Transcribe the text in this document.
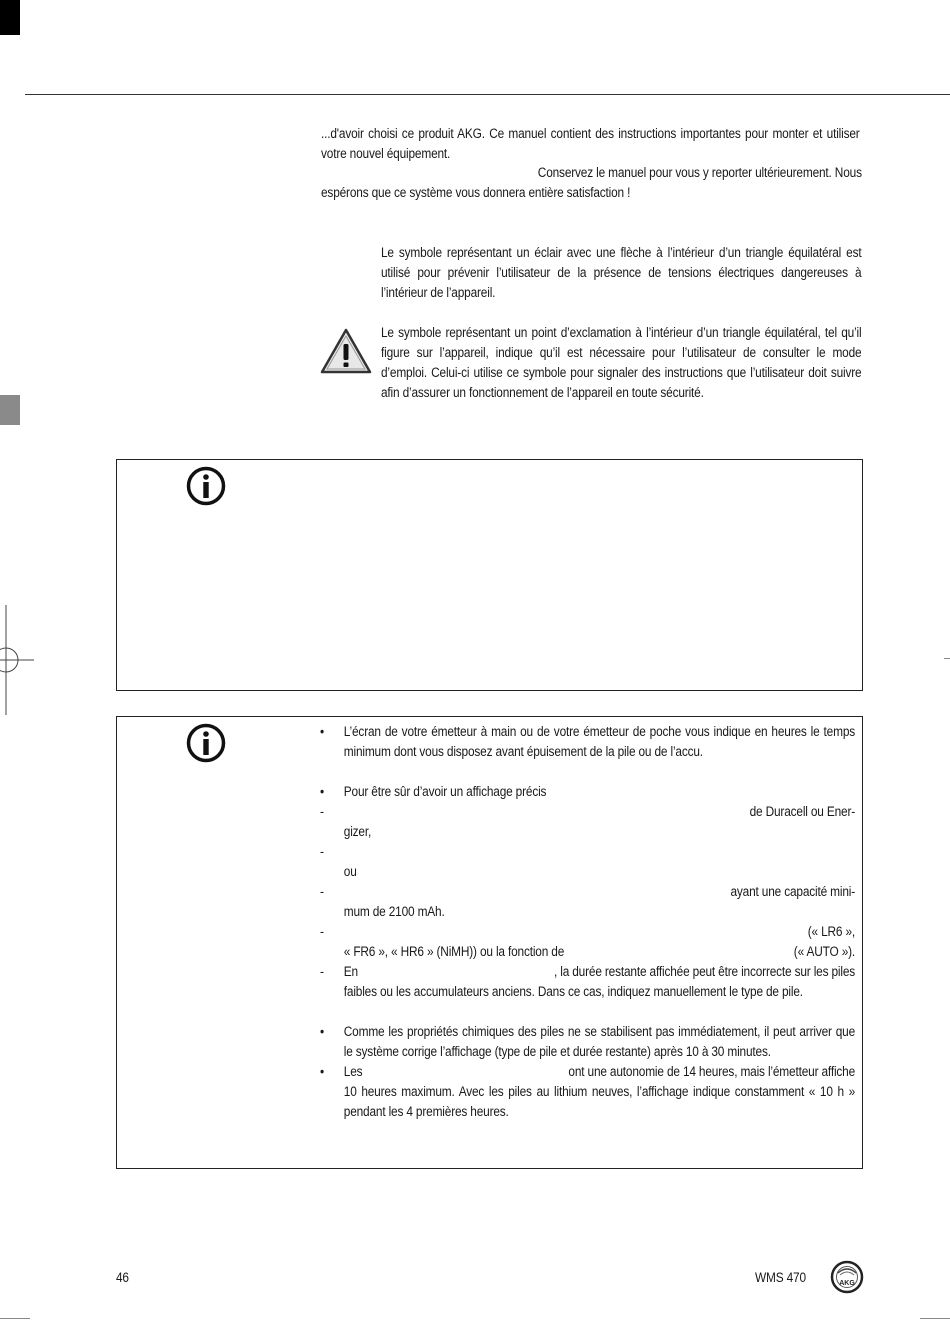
...d'avoir choisi ce produit AKG. Ce manuel contient des instructions importantes pour monter et utiliser votre nouvel équipement.
Conservez le manuel pour vous y reporter ultérieurement. Nous
espérons que ce système vous donnera entière satisfaction !
Le symbole représentant un éclair avec une flèche à l’intérieur d’un triangle équilatéral est utilisé pour prévenir l’utilisateur de la présence de tensions électriques dangereuses à l’intérieur de l’appareil.
Le symbole représentant un point d’exclamation à l’intérieur d’un triangle équilatéral, tel qu’il figure sur l’appareil, indique qu’il est nécessaire pour l’utilisateur de consulter le mode d’emploi. Celui-ci utilise ce symbole pour signaler des instructions que l’utilisateur doit suivre afin d’assurer un fonctionnement de l’appareil en toute sécurité.
• L’écran de votre émetteur à main ou de votre émetteur de poche vous indique en heures le temps minimum dont vous disposez avant épuisement de la pile ou de l’accu.
• Pour être sûr d’avoir un affichage précis
-	de Duracell ou Ener-
gizer,
-
ou
-	ayant une capacité mini-
mum de 2100 mAh.
-	(« LR6 »,
« FR6 », « HR6 » (NiMH)) ou la fonction de	(« AUTO »).
- En	, la durée restante affichée peut être incorrecte sur les piles
faibles ou les accumulateurs anciens. Dans ce cas, indiquez manuellement le type de pile.
• Comme les propriétés chimiques des piles ne se stabilisent pas immédiatement, il peut arriver que le système corrige l’affichage (type de pile et durée restante) après 10 à 30 minutes.
• Les	ont une autonomie de 14 heures, mais l’émetteur affiche
10 heures maximum. Avec les piles au lithium neuves, l’affichage indique constamment « 10 h » pendant les 4 premières heures.
46	WMS 470	AKG
